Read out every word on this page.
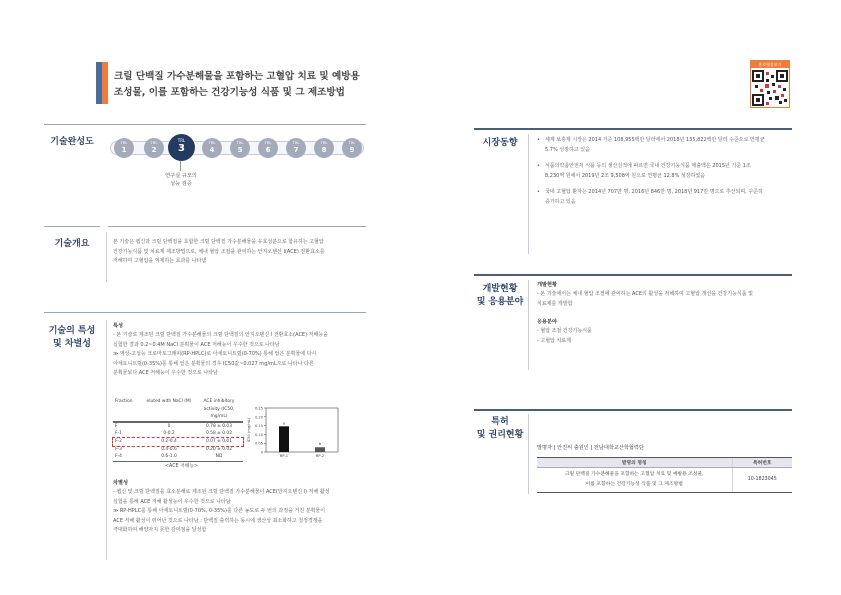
크릴 단백질 가수분해물을 포함하는 고혈압 치료 및 예방용
조성물, 이를 포함하는 건강기능성 식품 및 그 제조방법
홍보영상보기
기술완성도	TRL
1
TRL
2
TRL
3	TRL
4
TRL
5
TRL
6
TRL
7
TRL
8
TRL
9
연구실 규모의
성능 검증
기술개요	본 기술은 펩신과 크릴 단백질을 효합한 크릴 단백질 가수분해물을 유효성분으로 함유하는 고혈압
건강기능식품 및 치료제 제조방법으로, 체내 혈압 조절을 관여하는 안지오텐신 I(ACE) 전환효소를
저해하여 고혈압을 억제하는 효과를 나타냄
기술의 특성
및 차별성
특성
- 본 기술로 제조된 크릴 단백질 가수분해물의 크릴 단백질의 안지오텐신 I 전환효소(ACE) 저해능을
실험한 결과 0.2~0.4M NaCl 분획물이 ACE 저해능이 우수한 것으로 나타남
≫ 역상-고성능 크로마토그래피(RP-HPLC)로 아세토니트릴(0-70%) 통해 얻은 분획물에 다시
아세토니트릴(0-35%)를 통해 얻은 분획물의 경우 IC50값~0.027 mg/mL으로 나타나 다른
분획물보다 ACE 저해능이 우수한 것으로 나타남
Fraction	eluted with NaCl (M)	ACE inhibitory activity (IC50, mg/mL)
F	0	0.78 ± 0.03
F-1	0-0.2	0.58 ± 0.02
F-2	0.2-0.4	0.07 ± 0.01
F-3	0.4-0.6	0.20 ± 0.02
F-4	0.6-1.0	ND
0.25
0.20
0.15
0.10
0.05
0
IC50 (mg/mL)	a
RP-1
b
RP-2
<ACE 저해능>
차별성
- 펩신 및 크릴 단백질을 효소분해로 제조된 크릴 단백질 가수분해물이 ACE(안지오텐신 I) 저해 활성
실험을 통해 ACE 저해 활성능이 우수한 것으로 나타남
≫ RP-HPLC를 통해 아세토니트릴(0-70%, 0-35%)를 다른 농도로 두 번의 과정을 거친 분획물이
ACE 저해 활성이 뛰어난 것으로 나타남 : 단백질 출력하는 동시에 생산성 최소화하고 청정경쟁을
극대화하여 해양자지 못한 감미점을 달성함
시장동향	• 세계 보충제 시장은 2014 기준 108,955백만 달러에서 2018년 135,822백만 달러 수준으로 연평균
5.7% 성장하고 있음
• 식품의약품안전처 식품 등의 생산실적에 따르면 국내 건강기능식품 매출액은 2015년 기준 1조
8,230억 원에서 2019년 2조 9,508억 원으로 연평균 12.8% 성장하였음
• 국내 고혈압 환자는 2014년 707만 명, 2016년 846만 명, 2018년 917만 명으로 추산되며, 꾸준히
증가하고 있음
개발현황
및 응용분야
개발현황
- 본 기술에서는 체내 혈압 조절에 관여하는 ACE의 활성을 저해하여 고혈압 개선을 건강기능식품 및
치료제를 개발함
응용분야
- 혈압 조절 건강기능식품
- 고혈압 치료제
특허
및 권리현황
발명자 | 안진씨 출원인 | 전남대학교산학협력단
발명의 명칭	특허번호

크릴 단백질 가수분해물을 포함하는 고혈압 치료 및 예방용 조성물,
이를 포함하는 건강기능성 식품 및 그 제조방법	10-1823045
